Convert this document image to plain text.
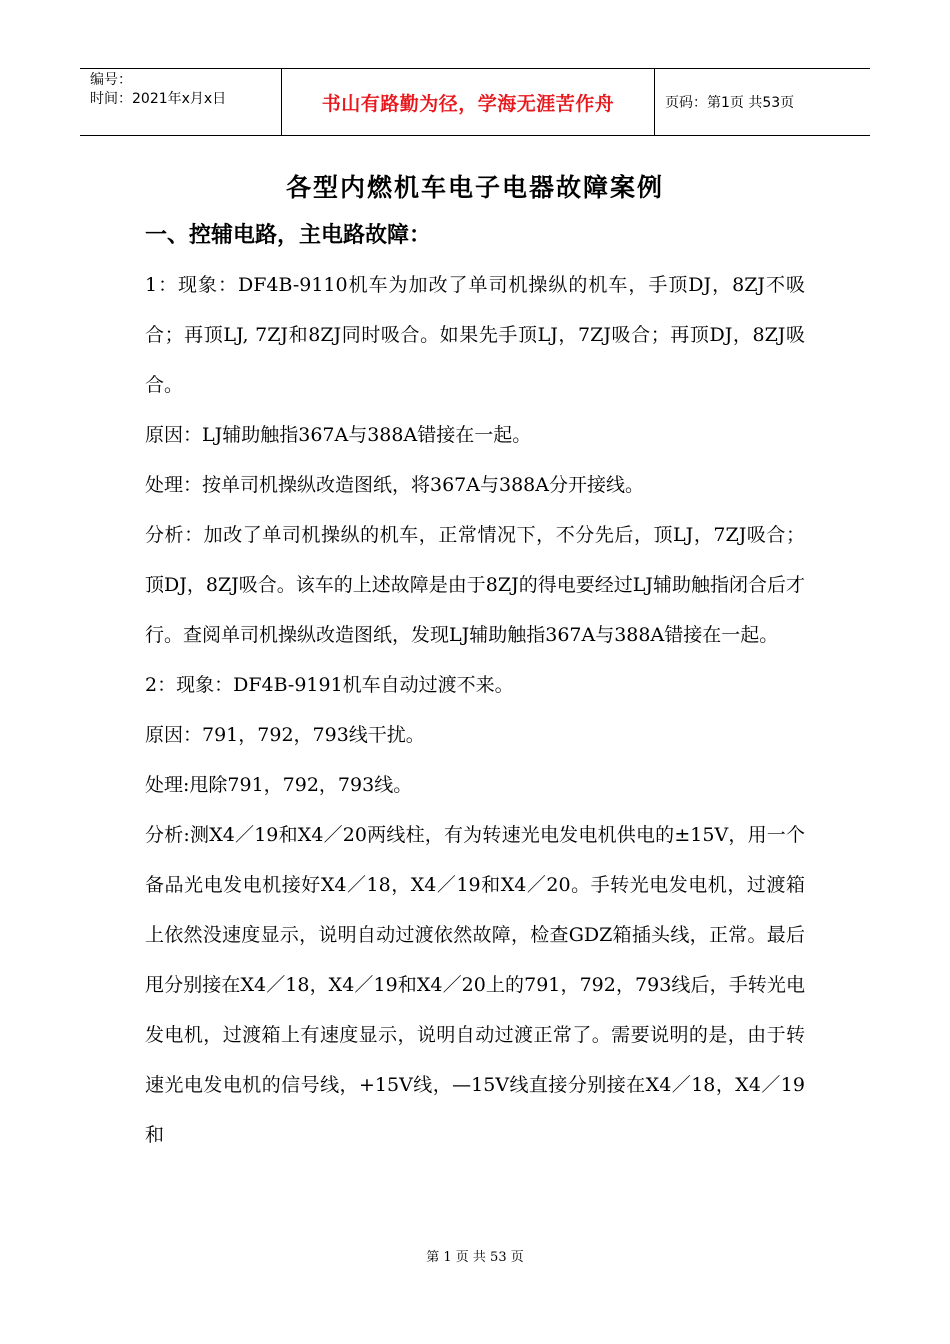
编号：
时间：2021年x月x日	书山有路勤为径，学海无涯苦作舟	页码：第1页 共53页
各型内燃机车电子电器故障案例
一、控辅电路，主电路故障：

1：现象：DF4B-9110机车为加改了单司机操纵的机车，手顶DJ，8ZJ不吸合；再顶LJ, 7ZJ和8ZJ同时吸合。如果先手顶LJ，7ZJ吸合；再顶DJ，8ZJ吸合。

原因：LJ辅助触指367A与388A错接在一起。

处理：按单司机操纵改造图纸，将367A与388A分开接线。

分析：加改了单司机操纵的机车，正常情况下，不分先后，顶LJ，7ZJ吸合；顶DJ，8ZJ吸合。该车的上述故障是由于8ZJ的得电要经过LJ辅助触指闭合后才行。查阅单司机操纵改造图纸，发现LJ辅助触指367A与388A错接在一起。

2：现象：DF4B-9191机车自动过渡不来。

原因：791，792，793线干扰。

处理:甩除791，792，793线。

分析:测X4／19和X4／20两线柱，有为转速光电发电机供电的±15V，用一个备品光电发电机接好X4／18，X4／19和X4／20。手转光电发电机，过渡箱上依然没速度显示，说明自动过渡依然故障，检查GDZ箱插头线，正常。最后甩分别接在X4／18，X4／19和X4／20上的791，792，793线后，手转光电发电机，过渡箱上有速度显示，说明自动过渡正常了。需要说明的是，由于转速光电发电机的信号线，+15V线，—15V线直接分别接在X4／18，X4／19和

第 1 页 共 53 页
